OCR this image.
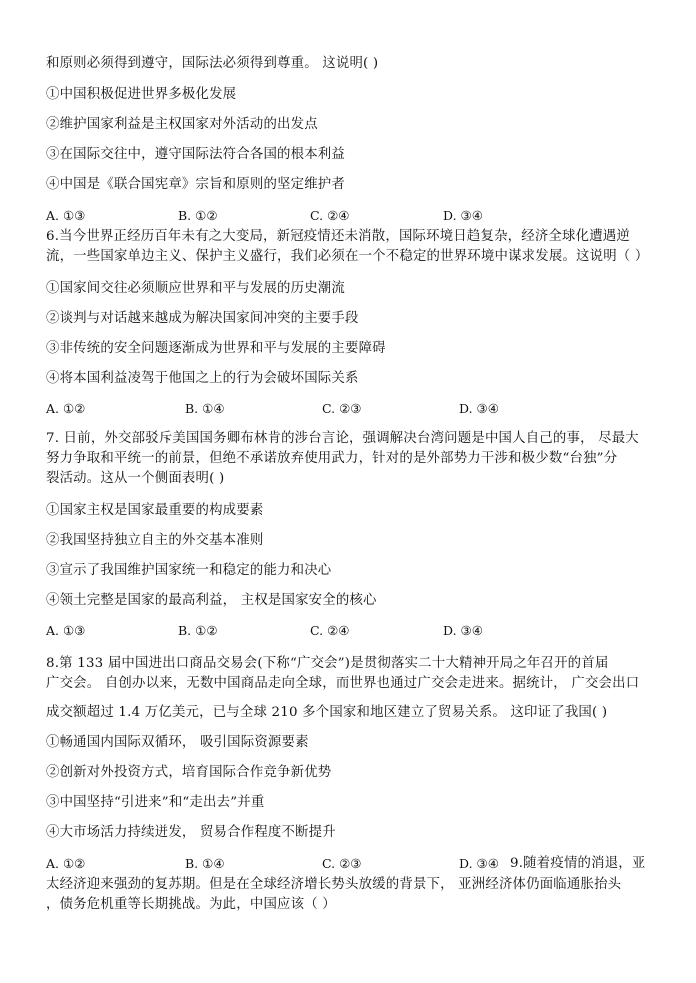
和原则必须得到遵守，国际法必须得到尊重。 这说明( )
①中国积极促进世界多极化发展
②维护国家利益是主权国家对外活动的出发点
③在国际交往中，遵守国际法符合各国的根本利益
④中国是《联合国宪章》宗旨和原则的坚定维护者
A. ①③	B. ①②	C. ②④	D. ③④
6.当今世界正经历百年未有之大变局，新冠疫情还未消散，国际环境日趋复杂，经济全球化遭遇逆
流，一些国家单边主义、保护主义盛行，我们必须在一个不稳定的世界环境中谋求发展。这说明（ ）
①国家间交往必须顺应世界和平与发展的历史潮流
②谈判与对话越来越成为解决国家间冲突的主要手段
③非传统的安全问题逐渐成为世界和平与发展的主要障碍
④将本国利益凌驾于他国之上的行为会破坏国际关系
A. ①②	B. ①④	C. ②③	D. ③④
7. 日前，外交部驳斥美国国务卿布林肯的涉台言论，强调解决台湾问题是中国人自己的事， 尽最大
努力争取和平统一的前景，但绝不承诺放弃使用武力，针对的是外部势力干涉和极少数“台独”分
裂活动。这从一个侧面表明( )
①国家主权是国家最重要的构成要素
②我国坚持独立自主的外交基本准则
③宣示了我国维护国家统一和稳定的能力和决心
④领土完整是国家的最高利益， 主权是国家安全的核心
A. ①③	B. ①②	C. ②④	D. ③④
8.第 133 届中国进出口商品交易会(下称“广交会”)是贯彻落实二十大精神开局之年召开的首届
广交会。 自创办以来，无数中国商品走向全球，而世界也通过广交会走进来。据统计， 广交会出口
成交额超过 1.4 万亿美元，已与全球 210 多个国家和地区建立了贸易关系。 这印证了我国( )
①畅通国内国际双循环， 吸引国际资源要素
②创新对外投资方式，培育国际合作竞争新优势
③中国坚持“引进来”和“走出去”并重
④大市场活力持续迸发， 贸易合作程度不断提升
A. ①②	B. ①④	C. ②③	D. ③④ 9.随着疫情的消退，亚
太经济迎来强劲的复苏期。但是在全球经济增长势头放缓的背景下， 亚洲经济体仍面临通胀抬头
，债务危机重等长期挑战。为此，中国应该（ ）
